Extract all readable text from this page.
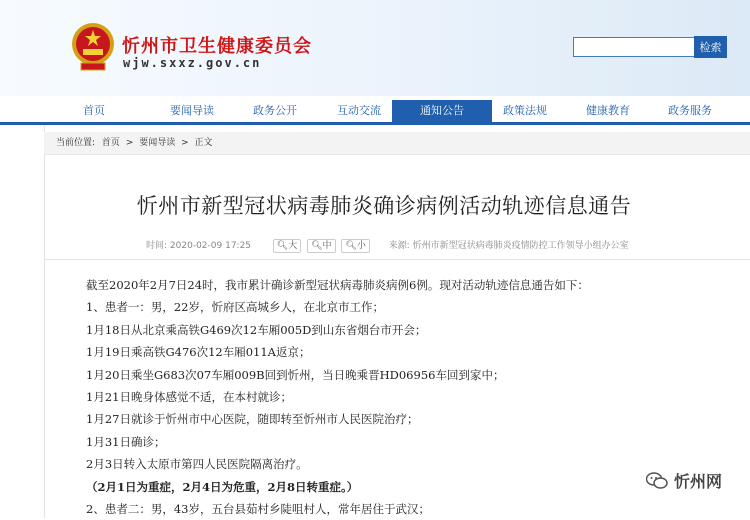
忻州市卫生健康委员会
wjw.sxxz.gov.cn
检索
首页	要闻导读	政务公开	互动交流	通知公告	政策法规	健康教育	政务服务
当前位置: 首页 > 要闻导读 > 正文
忻州市新型冠状病毒肺炎确诊病例活动轨迹信息通告
时间: 2020-02-09 17:25	🔍︎大 🔍︎中 🔍︎小	来源: 忻州市新型冠状病毒肺炎疫情防控工作领导小组办公室

截至2020年2月7日24时，我市累计确诊新型冠状病毒肺炎病例6例。现对活动轨迹信息通告如下：

1、患者一：男，22岁，忻府区高城乡人，在北京市工作；

1月18日从北京乘高铁G469次12车厢005D到山东省烟台市开会；

1月19日乘高铁G476次12车厢011A返京；

1月20日乘坐G683次07车厢009B回到忻州，当日晚乘晋HD06956车回到家中；

1月21日晚身体感觉不适，在本村就诊；

1月27日就诊于忻州市中心医院，随即转至忻州市人民医院治疗；

1月31日确诊；

2月3日转入太原市第四人民医院隔离治疗。

（2月1日为重症，2月4日为危重，2月8日转重症。）

2、患者二：男，43岁，五台县茹村乡陡咀村人，常年居住于武汉；

忻州网
